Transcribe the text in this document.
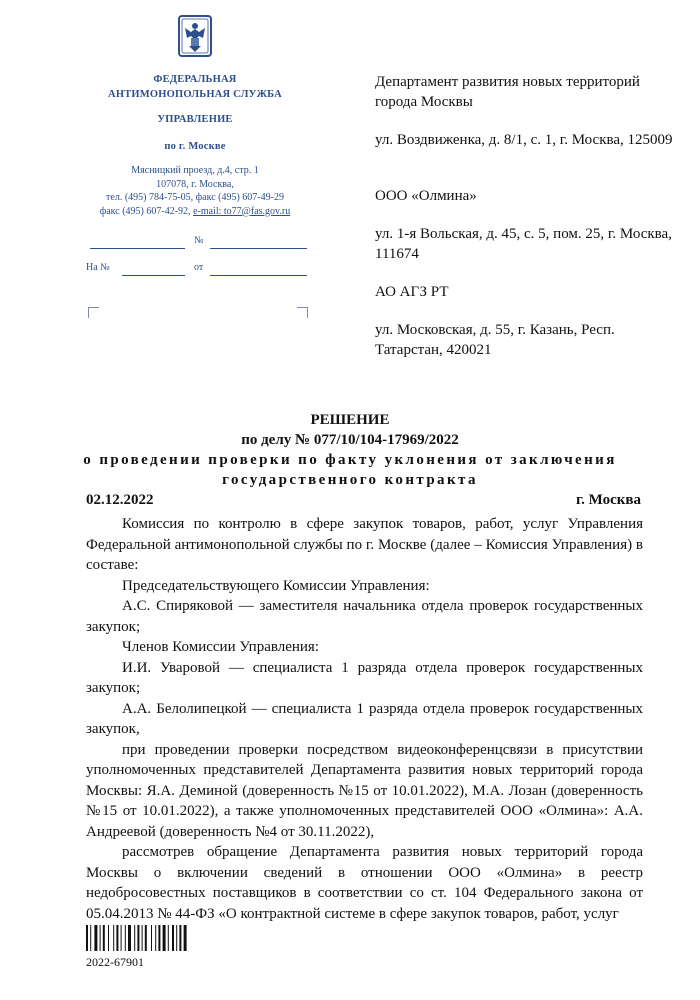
ФЕДЕРАЛЬНАЯ
АНТИМОНОПОЛЬНАЯ СЛУЖБА
УПРАВЛЕНИЕ
по г. Москве
Мясницкий проезд, д.4, стр. 1
107078, г. Москва,
тел. (495) 784-75-05, факс (495) 607-49-29
факс (495) 607-42-92, e-mail: to77@fas.gov.ru
№
На №	от
Департамент развития новых территорий города Москвы
ул. Воздвиженка, д. 8/1, с. 1, г. Москва, 125009
ООО «Олмина»
ул. 1-я Вольская, д. 45, с. 5, пом. 25, г. Москва, 111674
АО АГЗ РТ
ул. Московская, д. 55, г. Казань, Респ. Татарстан, 420021
РЕШЕНИЕ
по делу № 077/10/104-17969/2022
о проведении проверки по факту уклонения от заключения
государственного контракта
02.12.2022	г. Москва

Комиссия по контролю в сфере закупок товаров, работ, услуг Управления Федеральной антимонопольной службы по г. Москве (далее – Комиссия Управления) в составе:

Председательствующего Комиссии Управления:

А.С. Спиряковой — заместителя начальника отдела проверок государственных закупок;

Членов Комиссии Управления:

И.И. Уваровой — специалиста 1 разряда отдела проверок государственных закупок;

А.А. Белолипецкой — специалиста 1 разряда отдела проверок государственных закупок,

при проведении проверки посредством видеоконференцсвязи в присутствии уполномоченных представителей Департамента развития новых территорий города Москвы: Я.А. Деминой (доверенность №15 от 10.01.2022), М.А. Лозан (доверенность №15 от 10.01.2022), а также уполномоченных представителей ООО «Олмина»: А.А. Андреевой (доверенность №4 от 30.11.2022),

рассмотрев обращение Департамента развития новых территорий города Москвы о включении сведений в отношении ООО «Олмина» в реестр недобросовестных поставщиков в соответствии со ст. 104 Федерального закона от 05.04.2013 № 44-ФЗ «О контрактной системе в сфере закупок товаров, работ, услуг

2022-67901
